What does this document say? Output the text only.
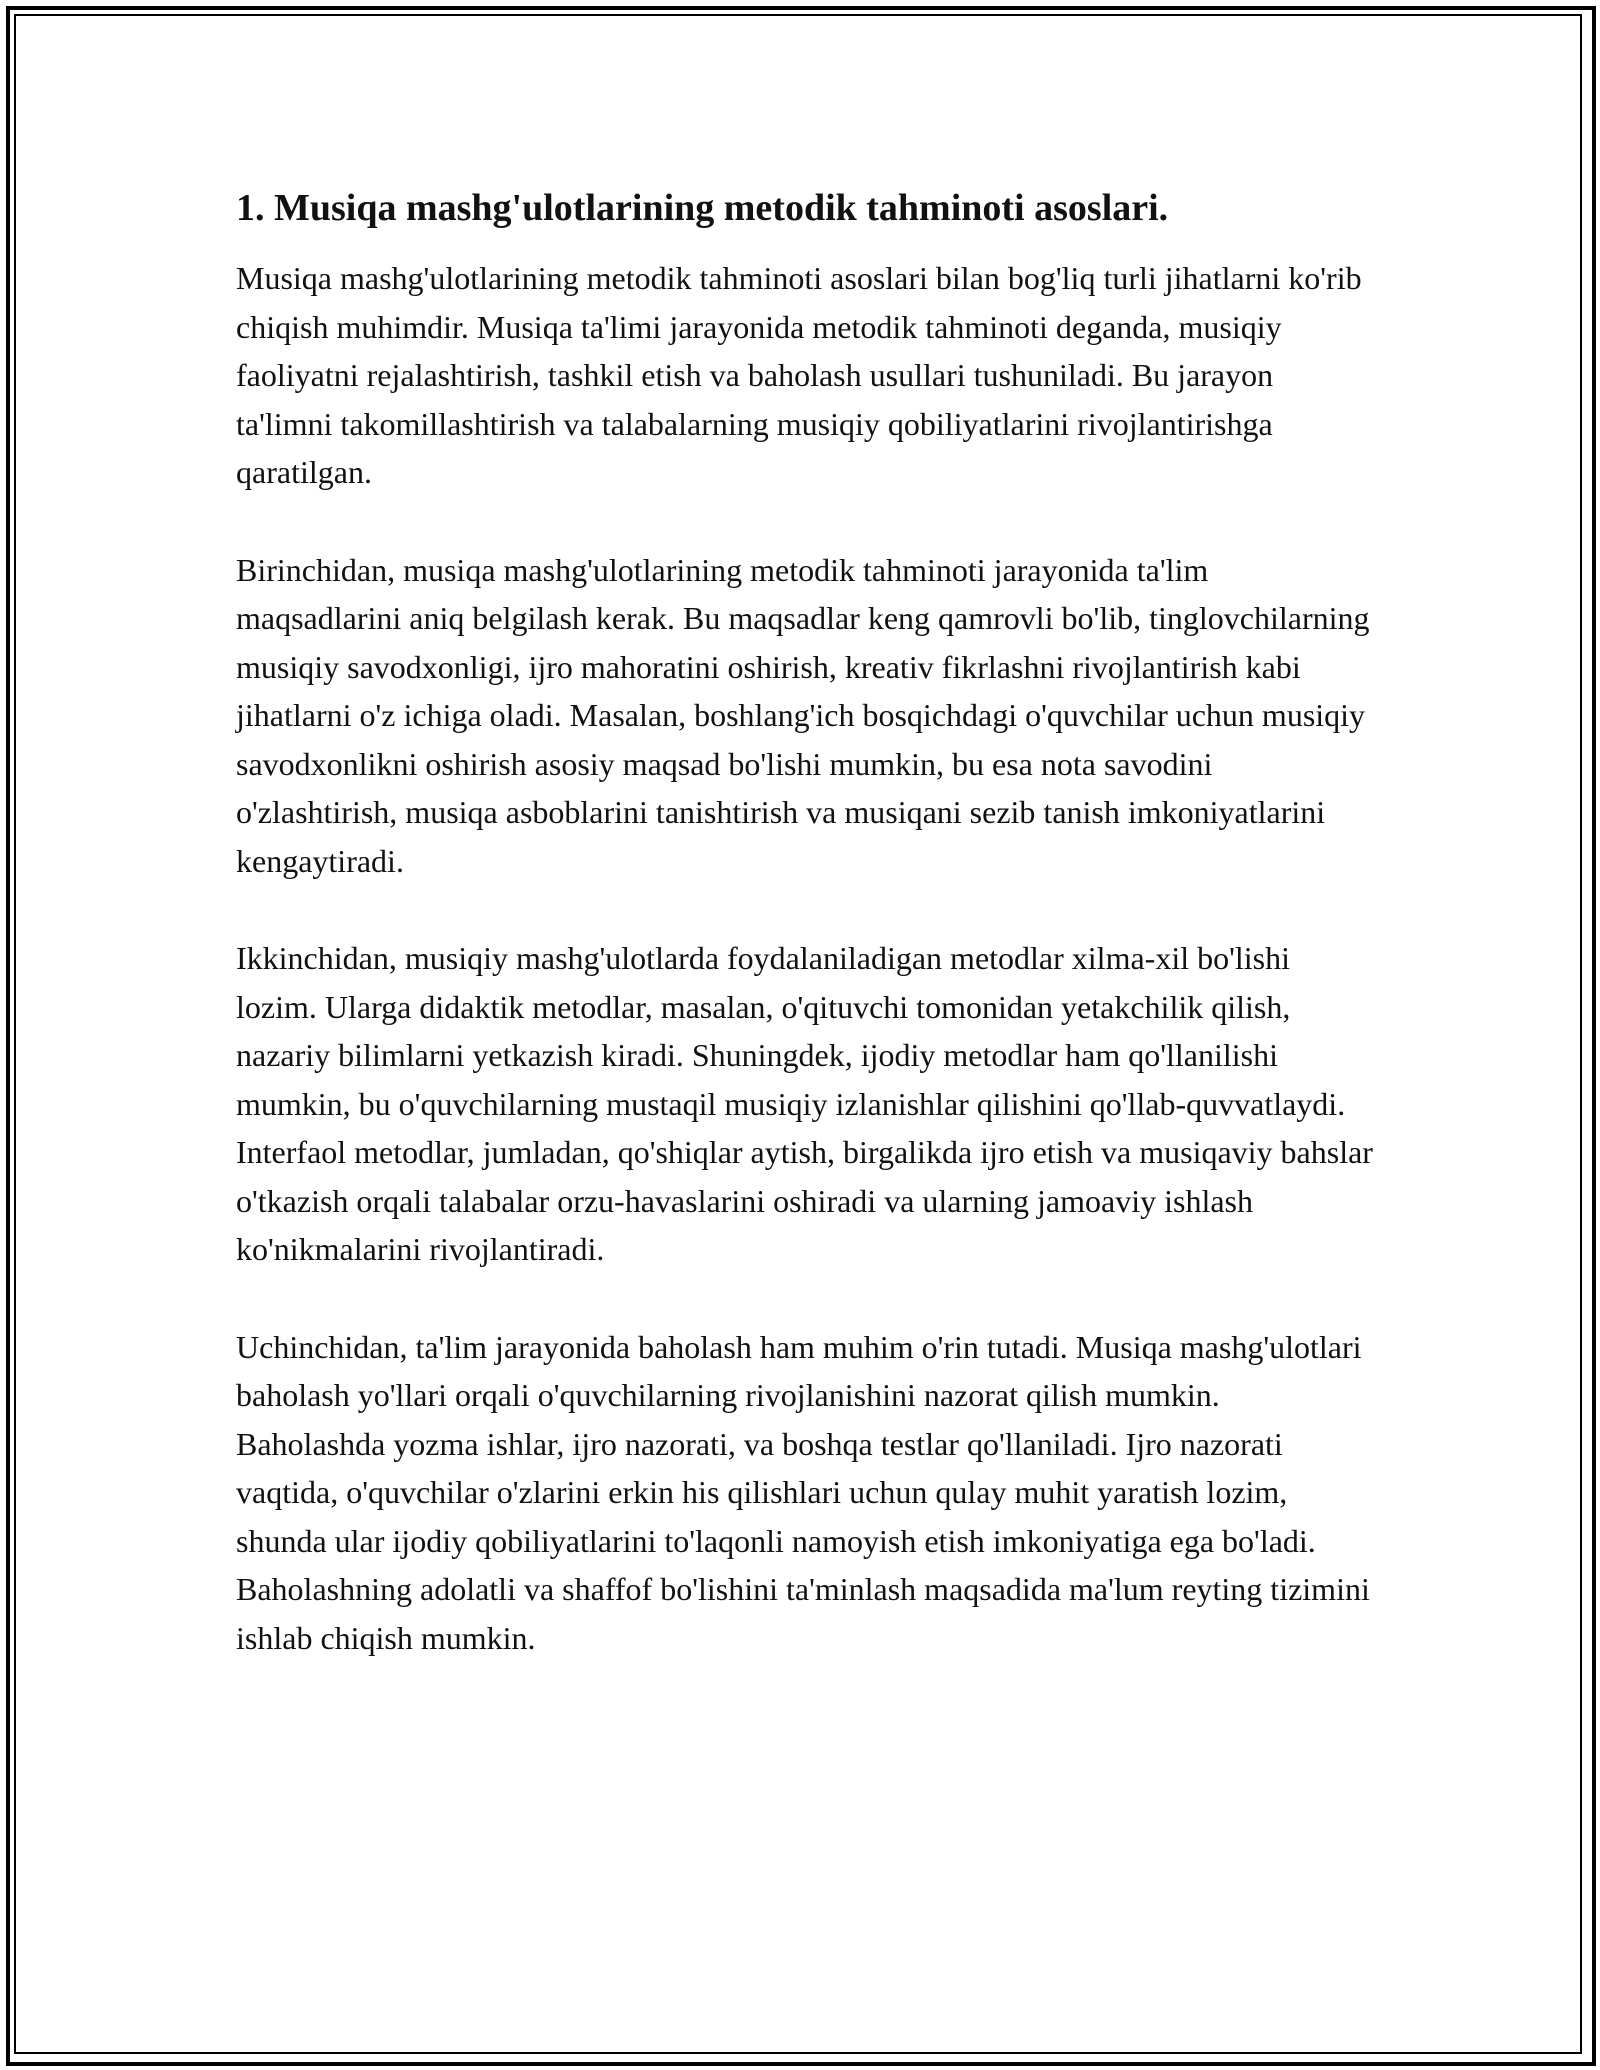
1. Musiqa mashg'ulotlarining metodik tahminoti asoslari.

Musiqa mashg'ulotlarining metodik tahminoti asoslari bilan bog'liq turli jihatlarni ko'rib chiqish muhimdir. Musiqa ta'limi jarayonida metodik tahminoti deganda, musiqiy faoliyatni rejalashtirish, tashkil etish va baholash usullari tushuniladi. Bu jarayon ta'limni takomillashtirish va talabalarning musiqiy qobiliyatlarini rivojlantirishga qaratilgan.

Birinchidan, musiqa mashg'ulotlarining metodik tahminoti jarayonida ta'lim maqsadlarini aniq belgilash kerak. Bu maqsadlar keng qamrovli bo'lib, tinglovchilarning musiqiy savodxonligi, ijro mahoratini oshirish, kreativ fikrlashni rivojlantirish kabi jihatlarni o'z ichiga oladi. Masalan, boshlang'ich bosqichdagi o'quvchilar uchun musiqiy savodxonlikni oshirish asosiy maqsad bo'lishi mumkin, bu esa nota savodini o'zlashtirish, musiqa asboblarini tanishtirish va musiqani sezib tanish imkoniyatlarini kengaytiradi.

Ikkinchidan, musiqiy mashg'ulotlarda foydalaniladigan metodlar xilma-xil bo'lishi lozim. Ularga didaktik metodlar, masalan, o'qituvchi tomonidan yetakchilik qilish, nazariy bilimlarni yetkazish kiradi. Shuningdek, ijodiy metodlar ham qo'llanilishi mumkin, bu o'quvchilarning mustaqil musiqiy izlanishlar qilishini qo'llab-quvvatlaydi. Interfaol metodlar, jumladan, qo'shiqlar aytish, birgalikda ijro etish va musiqaviy bahslar o'tkazish orqali talabalar orzu-havaslarini oshiradi va ularning jamoaviy ishlash ko'nikmalarini rivojlantiradi.

Uchinchidan, ta'lim jarayonida baholash ham muhim o'rin tutadi. Musiqa mashg'ulotlari baholash yo'llari orqali o'quvchilarning rivojlanishini nazorat qilish mumkin. Baholashda yozma ishlar, ijro nazorati, va boshqa testlar qo'llaniladi. Ijro nazorati vaqtida, o'quvchilar o'zlarini erkin his qilishlari uchun qulay muhit yaratish lozim, shunda ular ijodiy qobiliyatlarini to'laqonli namoyish etish imkoniyatiga ega bo'ladi. Baholashning adolatli va shaffof bo'lishini ta'minlash maqsadida ma'lum reyting tizimini ishlab chiqish mumkin.
